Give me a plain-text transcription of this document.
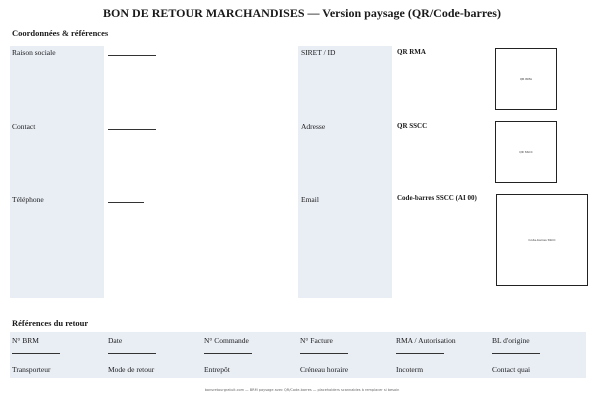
BON DE RETOUR MARCHANDISES — Version paysage (QR/Code-barres)
Coordonnées & références
Raison sociale
Contact
Téléphone
SIRET / ID
Adresse
Email
QR RMA
QR SSCC
Code-barres SSCC (AI 00)
QR RMA
QR SSCC
Code-barres SSCC
Références du retour
N° BRM	Date	N° Commande	N° Facture	RMA / Autorisation	BL d'origine
Transporteur	Mode de retour	Entrepôt	Créneau horaire	Incoterm	Contact quai
bonsretourgratuit.com — BRM paysage avec QR/Code-barres — placeholders scannables à remplacer si besoin
